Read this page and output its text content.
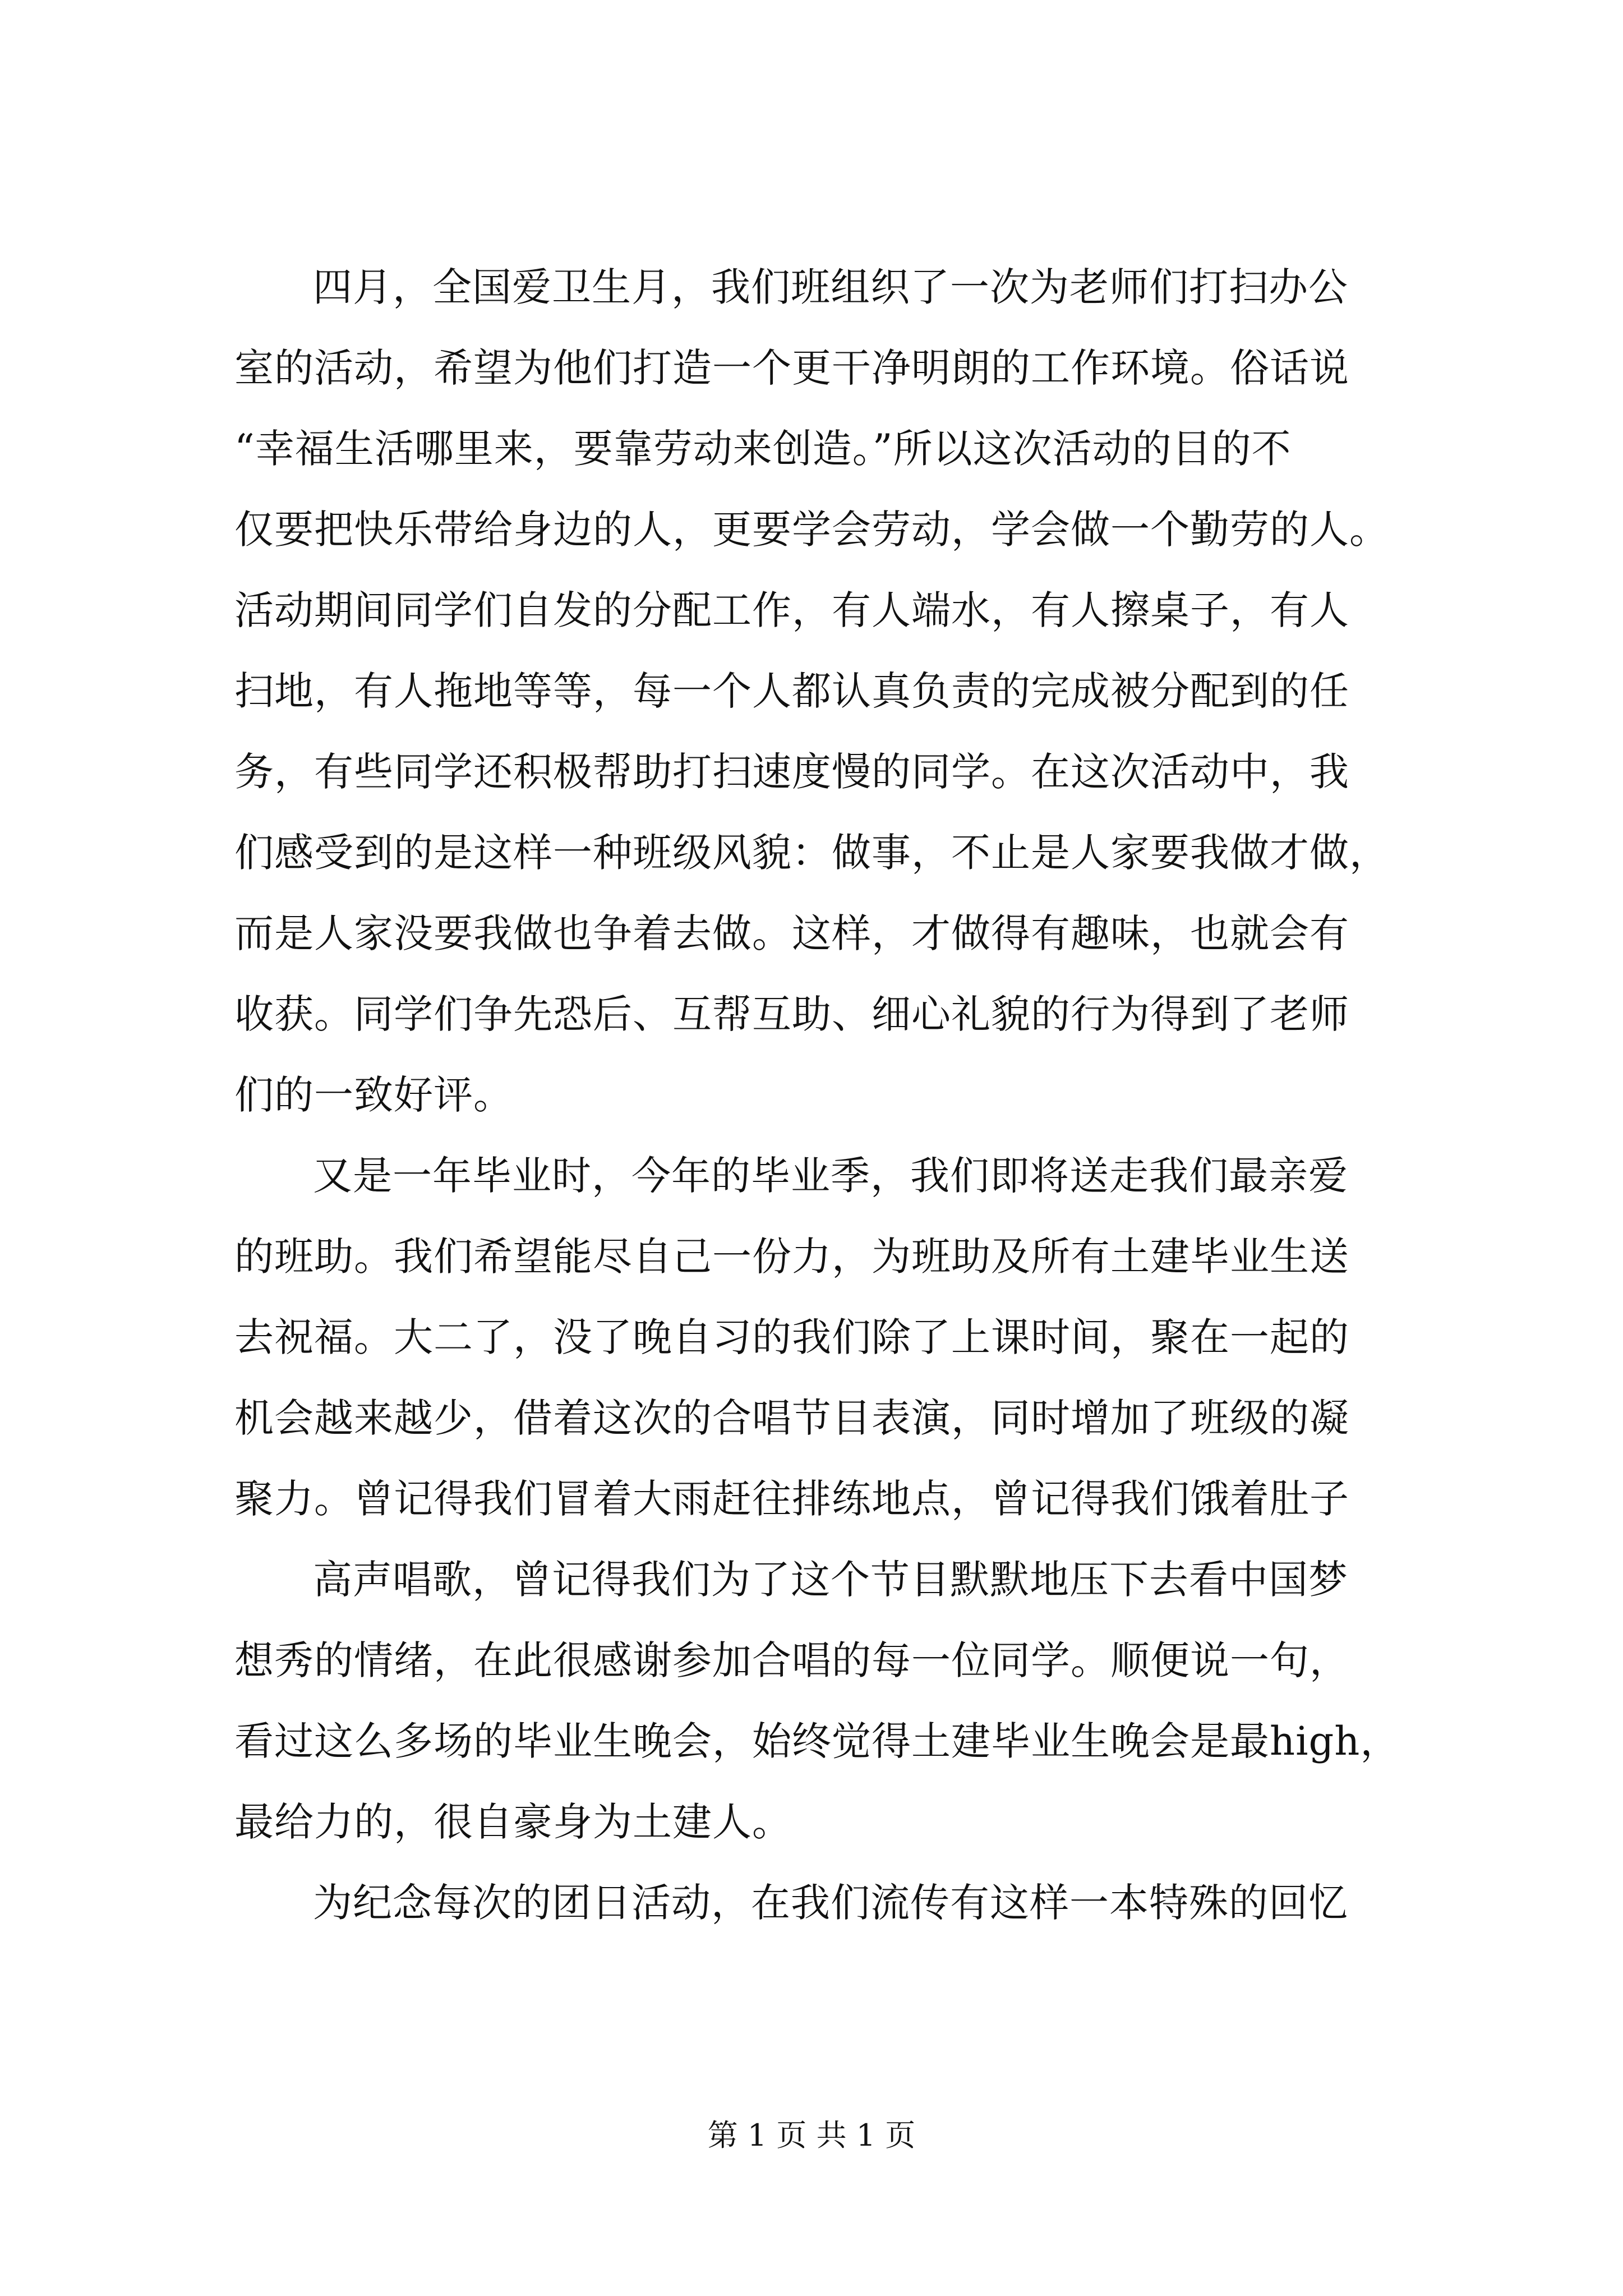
四月，全国爱卫生月，我们班组织了一次为老师们打扫办公
室的活动，希望为他们打造一个更干净明朗的工作环境。俗话说
“幸福生活哪里来，要靠劳动来创造。”所以这次活动的目的不
仅要把快乐带给身边的人，更要学会劳动，学会做一个勤劳的人。
活动期间同学们自发的分配工作，有人端水，有人擦桌子，有人
扫地，有人拖地等等，每一个人都认真负责的完成被分配到的任
务，有些同学还积极帮助打扫速度慢的同学。在这次活动中，我
们感受到的是这样一种班级风貌：做事，不止是人家要我做才做，
而是人家没要我做也争着去做。这样，才做得有趣味，也就会有
收获。同学们争先恐后、互帮互助、细心礼貌的行为得到了老师
们的一致好评。
又是一年毕业时，今年的毕业季，我们即将送走我们最亲爱
的班助。我们希望能尽自己一份力，为班助及所有土建毕业生送
去祝福。大二了，没了晚自习的我们除了上课时间，聚在一起的
机会越来越少，借着这次的合唱节目表演，同时增加了班级的凝
聚力。曾记得我们冒着大雨赶往排练地点，曾记得我们饿着肚子
高声唱歌，曾记得我们为了这个节目默默地压下去看中国梦
想秀的情绪，在此很感谢参加合唱的每一位同学。顺便说一句，
看过这么多场的毕业生晚会，始终觉得土建毕业生晚会是最high，
最给力的，很自豪身为土建人。
为纪念每次的团日活动，在我们流传有这样一本特殊的回忆
第 1 页 共 1 页
